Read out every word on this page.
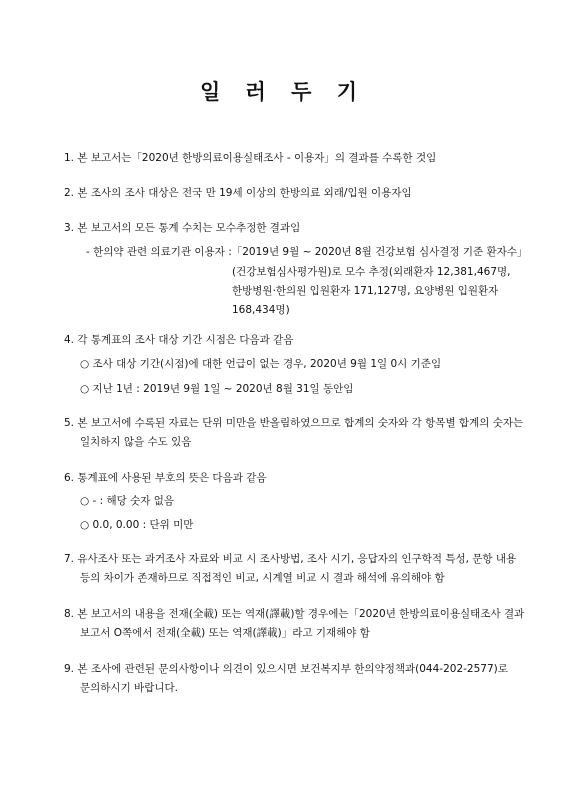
일 러 두 기
1. 본 보고서는「2020년 한방의료이용실태조사 - 이용자」의 결과를 수록한 것임
2. 본 조사의 조사 대상은 전국 만 19세 이상의 한방의료 외래/입원 이용자임
3. 본 보고서의 모든 통계 수치는 모수추정한 결과임
- 한의약 관련 의료기관 이용자 :「2019년 9월 ~ 2020년 8월 건강보험 심사결정 기준 환자수」
(건강보험심사평가원)로 모수 추정(외래환자 12,381,467명,
한방병원·한의원 입원환자 171,127명, 요양병원 입원환자
168,434명)
4. 각 통계표의 조사 대상 기간 시점은 다음과 같음
○ 조사 대상 기간(시점)에 대한 언급이 없는 경우, 2020년 9월 1일 0시 기준임
○ 지난 1년 : 2019년 9월 1일 ~ 2020년 8월 31일 동안임
5. 본 보고서에 수록된 자료는 단위 미만을 반올림하였으므로 합계의 숫자와 각 항목별 합계의 숫자는
일치하지 않을 수도 있음
6. 통계표에 사용된 부호의 뜻은 다음과 같음
○ - : 해당 숫자 없음
○ 0.0, 0.00 : 단위 미만
7. 유사조사 또는 과거조사 자료와 비교 시 조사방법, 조사 시기, 응답자의 인구학적 특성, 문항 내용
등의 차이가 존재하므로 직접적인 비교, 시계열 비교 시 결과 해석에 유의해야 함
8. 본 보고서의 내용을 전재(全載) 또는 역재(譯載)할 경우에는「2020년 한방의료이용실태조사 결과
보고서 O쪽에서 전재(全載) 또는 역재(譯載)」라고 기재해야 함
9. 본 조사에 관련된 문의사항이나 의견이 있으시면 보건복지부 한의약정책과(044-202-2577)로
문의하시기 바랍니다.
